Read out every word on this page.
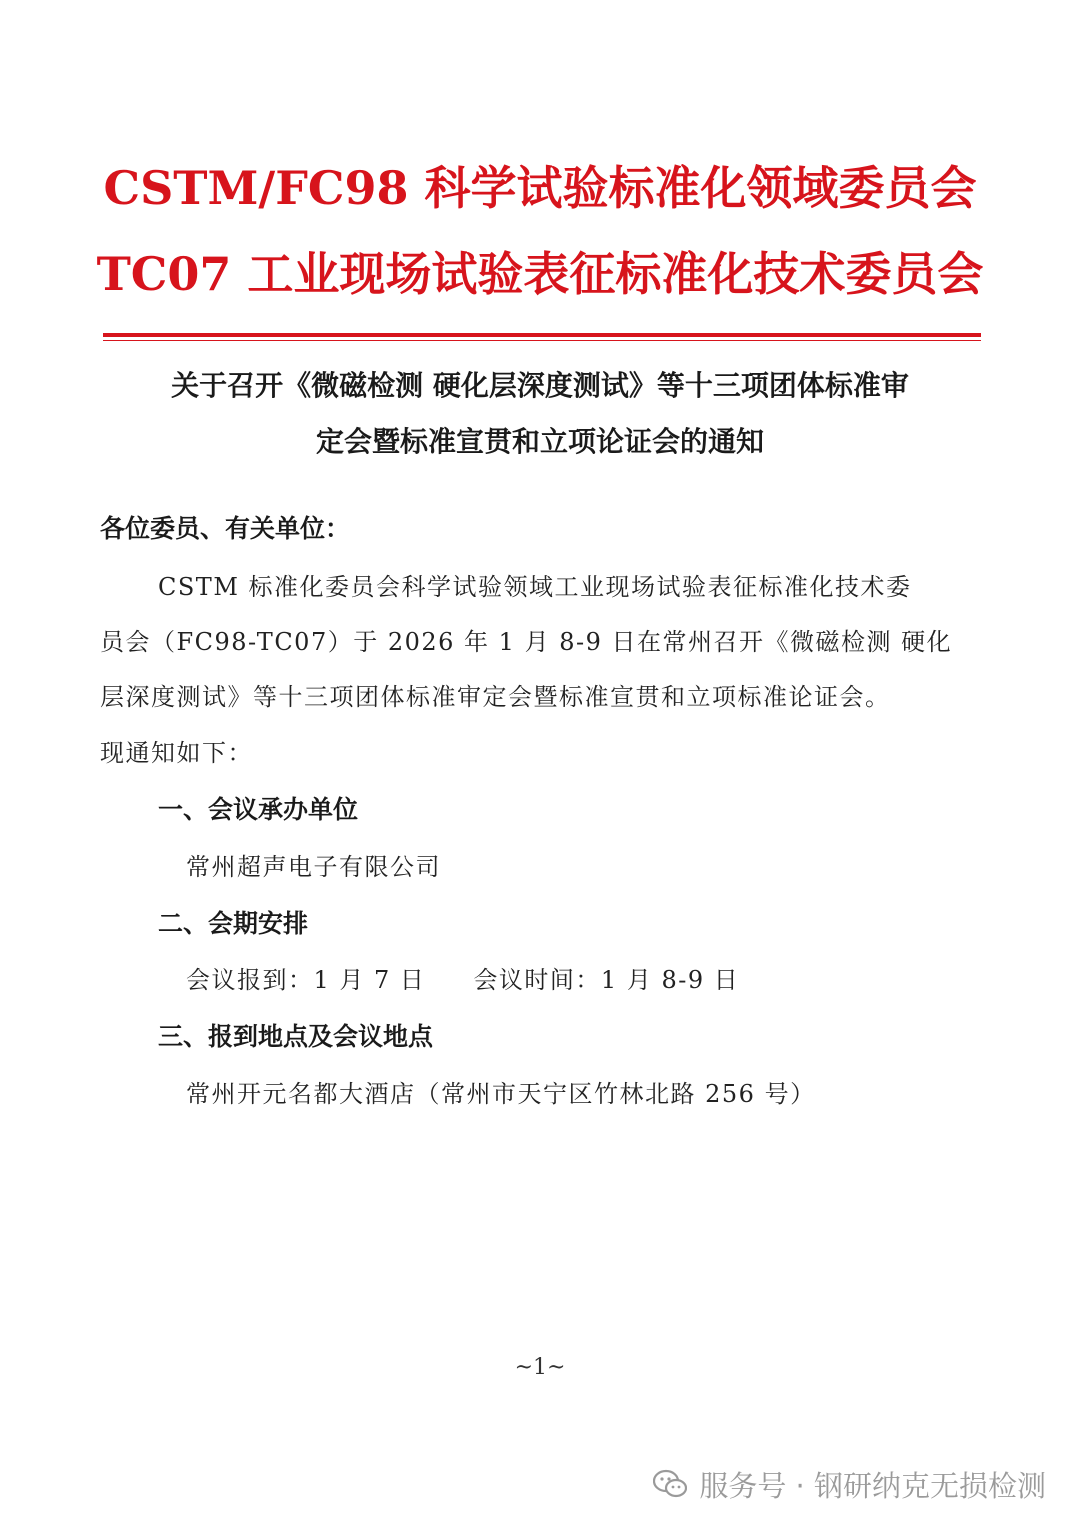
CSTM/FC98 科学试验标准化领域委员会
TC07 工业现场试验表征标准化技术委员会
关于召开《微磁检测 硬化层深度测试》等十三项团体标准审
定会暨标准宣贯和立项论证会的通知
各位委员、有关单位：
CSTM 标准化委员会科学试验领域工业现场试验表征标准化技术委
员会（FC98-TC07）于 2026 年 1 月 8-9 日在常州召开《微磁检测 硬化
层深度测试》等十三项团体标准审定会暨标准宣贯和立项标准论证会。
现通知如下：
一、会议承办单位
常州超声电子有限公司
二、会期安排
会议报到：1 月 7 日 会议时间：1 月 8-9 日
三、报到地点及会议地点
常州开元名都大酒店（常州市天宁区竹林北路 256 号）
~1~
服务号 · 钢研纳克无损检测
